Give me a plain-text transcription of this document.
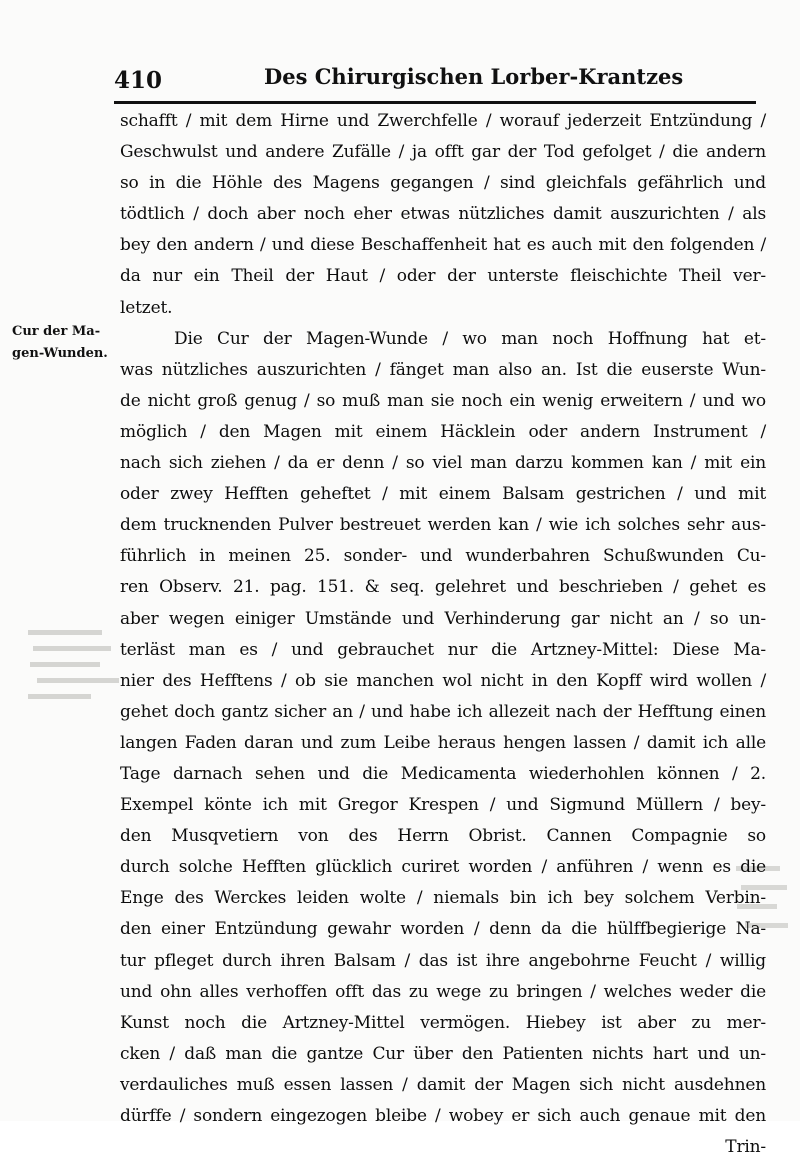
410	Des Chirurgischen Lorber-Krantzes
Cur der Ma-
gen-Wunden.
schafft / mit dem Hirne und Zwerchfelle / worauf jederzeit Entzündung /
Geschwulst und andere Zufälle / ja offt gar der Tod gefolget / die andern
so in die Höhle des Magens gegangen / sind gleichfals gefährlich und
tödtlich / doch aber noch eher etwas nützliches damit auszurichten / als
bey den andern / und diese Beschaffenheit hat es auch mit den folgenden /
da nur ein Theil der Haut / oder der unterste fleischichte Theil ver-
letzet.
Die Cur der Magen-Wunde / wo man noch Hoffnung hat et-
was nützliches auszurichten / fänget man also an. Ist die euserste Wun-
de nicht groß genug / so muß man sie noch ein wenig erweitern / und wo
möglich / den Magen mit einem Häcklein oder andern Instrument /
nach sich ziehen / da er denn / so viel man darzu kommen kan / mit ein
oder zwey Hefften geheftet / mit einem Balsam gestrichen / und mit
dem trucknenden Pulver bestreuet werden kan / wie ich solches sehr aus-
führlich in meinen 25. sonder- und wunderbahren Schußwunden Cu-
ren Observ. 21. pag. 151. & seq. gelehret und beschrieben / gehet es
aber wegen einiger Umstände und Verhinderung gar nicht an / so un-
terläst man es / und gebrauchet nur die Artzney-Mittel: Diese Ma-
nier des Hefftens / ob sie manchen wol nicht in den Kopff wird wollen /
gehet doch gantz sicher an / und habe ich allezeit nach der Hefftung einen
langen Faden daran und zum Leibe heraus hengen lassen / damit ich alle
Tage darnach sehen und die Medicamenta wiederhohlen können / 2.
Exempel könte ich mit Gregor Krespen / und Sigmund Müllern / bey-
den Musqvetiern von des Herrn Obrist. Cannen Compagnie so
durch solche Hefften glücklich curiret worden / anführen / wenn es die
Enge des Werckes leiden wolte / niemals bin ich bey solchem Verbin-
den einer Entzündung gewahr worden / denn da die hülffbegierige Na-
tur pfleget durch ihren Balsam / das ist ihre angebohrne Feucht / willig
und ohn alles verhoffen offt das zu wege zu bringen / welches weder die
Kunst noch die Artzney-Mittel vermögen. Hiebey ist aber zu mer-
cken / daß man die gantze Cur über den Patienten nichts hart und un-
verdauliches muß essen lassen / damit der Magen sich nicht ausdehnen
dürffe / sondern eingezogen bleibe / wobey er sich auch genaue mit den
Trin-
